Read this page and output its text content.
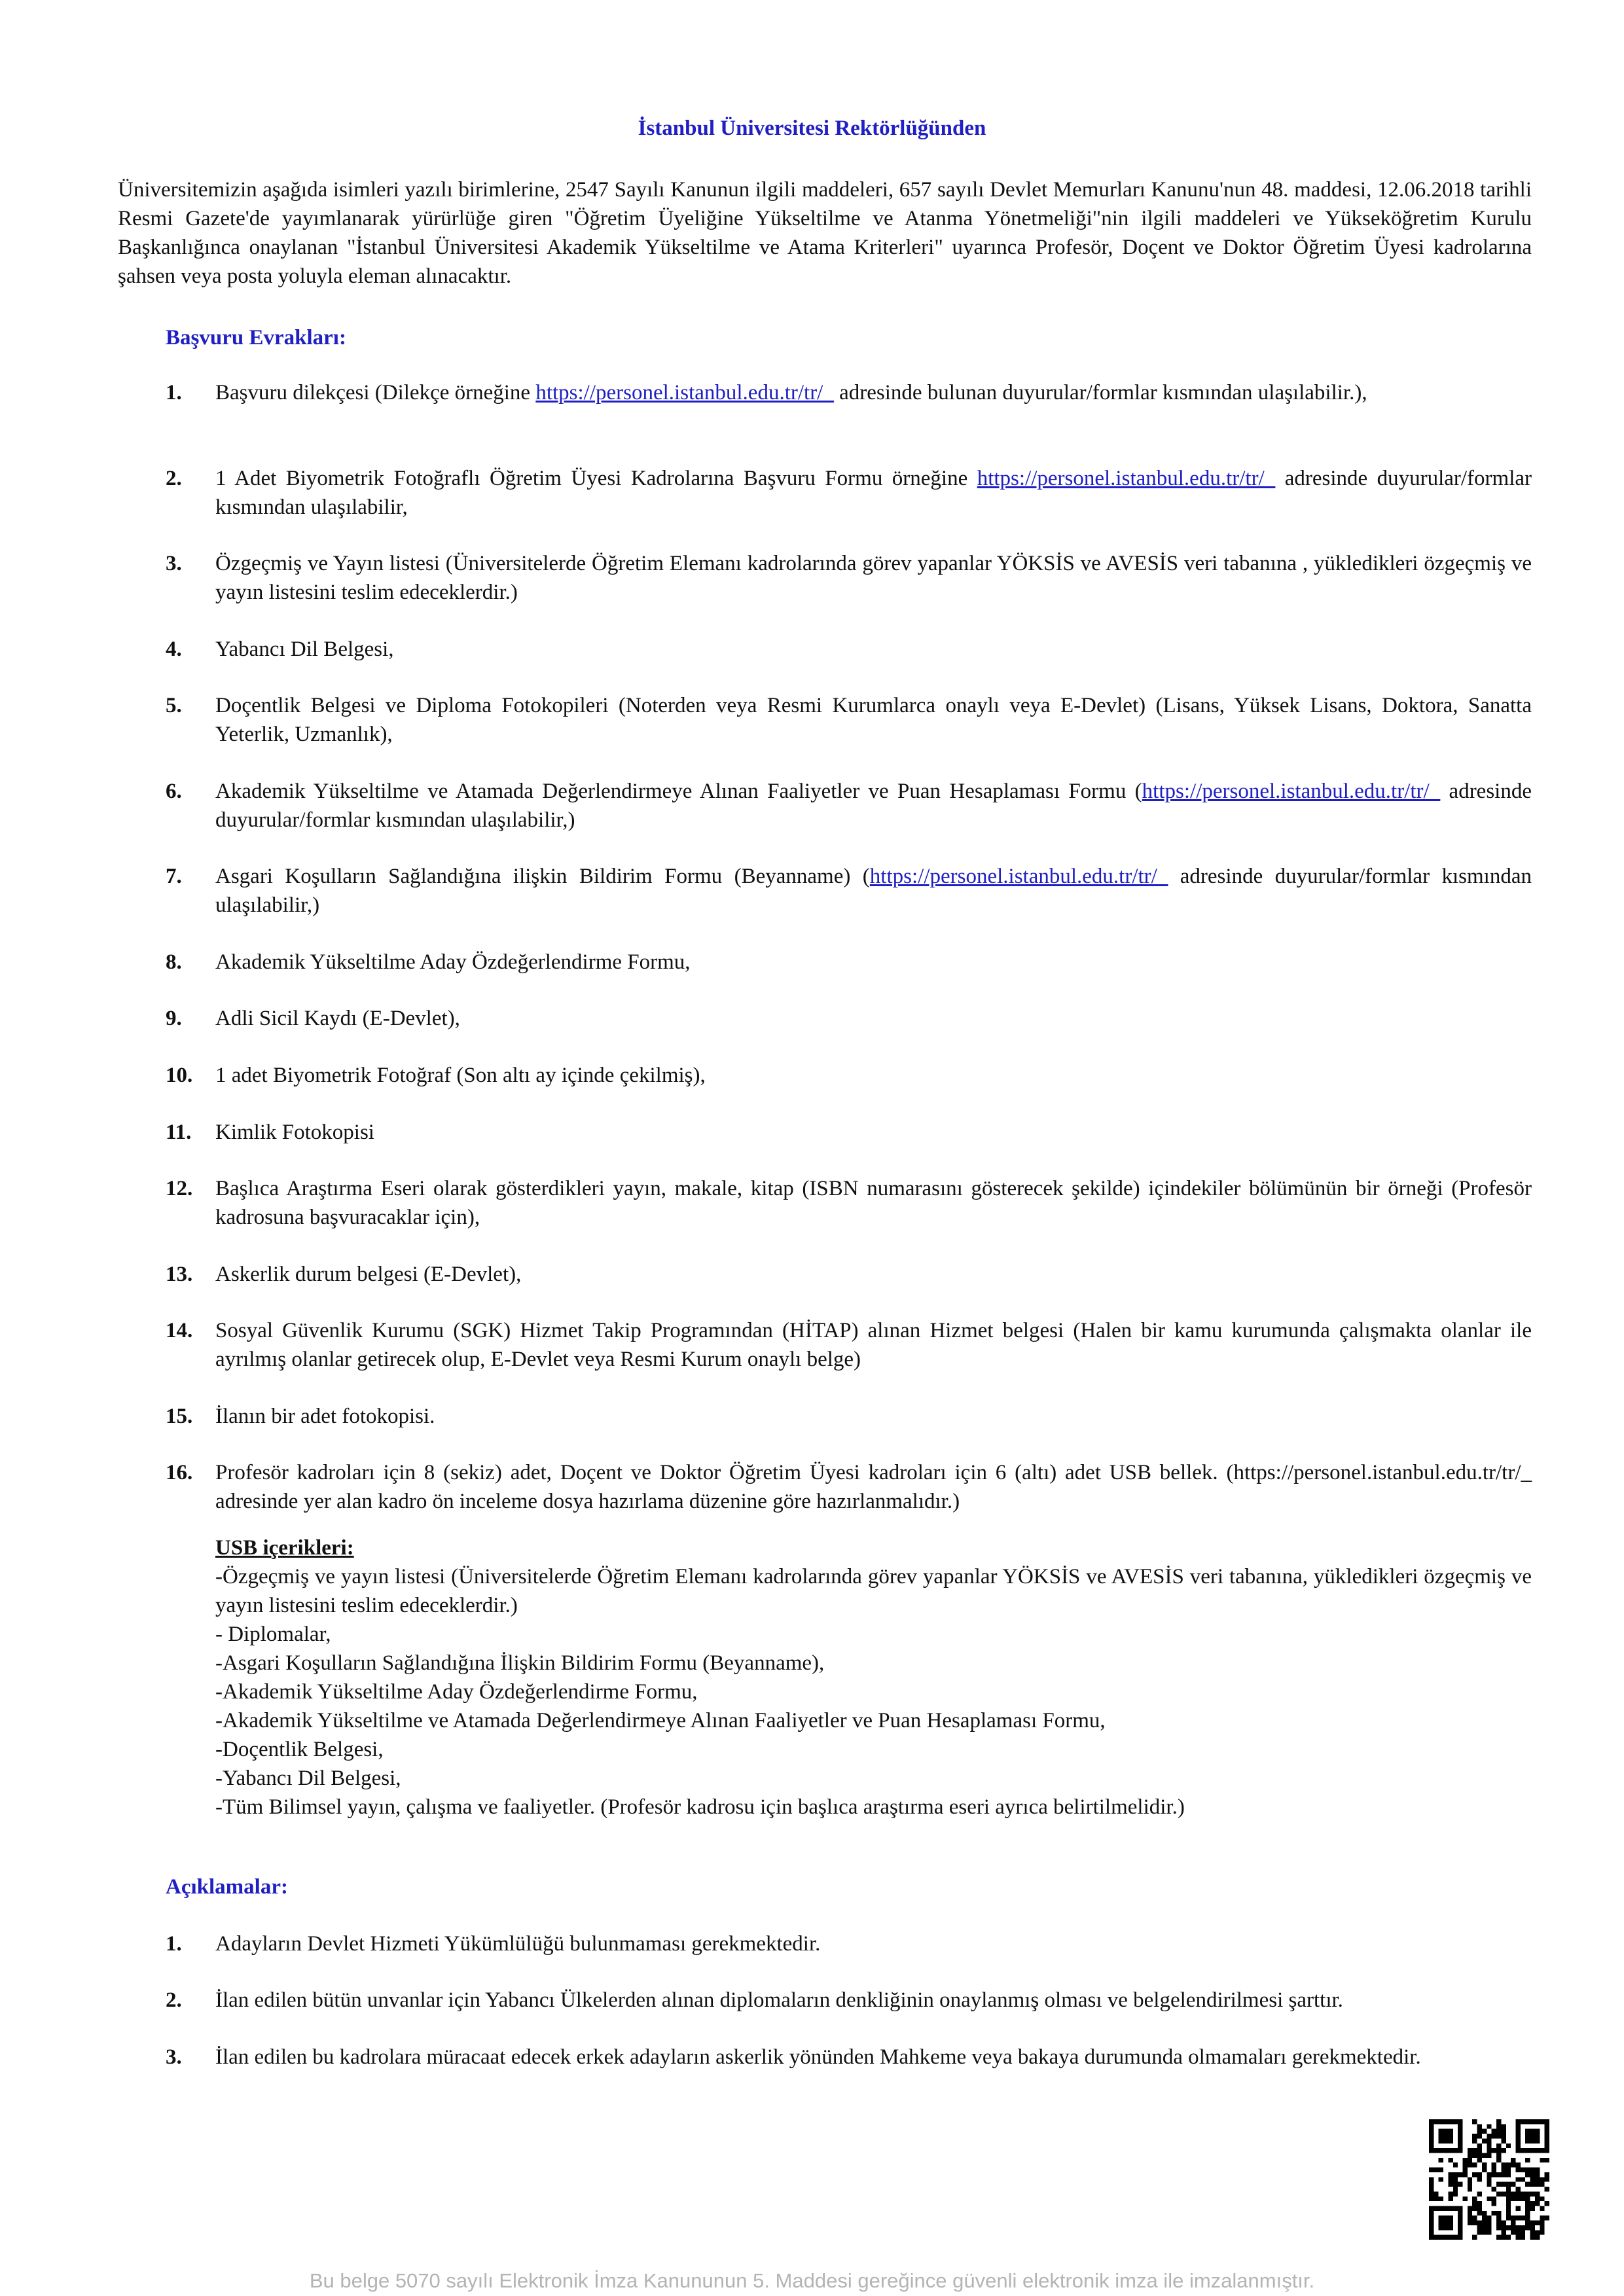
İstanbul Üniversitesi Rektörlüğünden

Üniversitemizin aşağıda isimleri yazılı birimlerine, 2547 Sayılı Kanunun ilgili maddeleri, 657 sayılı Devlet Memurları Kanunu'nun 48. maddesi, 12.06.2018 tarihli Resmi Gazete'de yayımlanarak yürürlüğe giren "Öğretim Üyeliğine Yükseltilme ve Atanma Yönetmeliği"nin ilgili maddeleri ve Yükseköğretim Kurulu Başkanlığınca onaylanan "İstanbul Üniversitesi Akademik Yükseltilme ve Atama Kriterleri" uyarınca Profesör, Doçent ve Doktor Öğretim Üyesi kadrolarına şahsen veya posta yoluyla eleman alınacaktır.

Başvuru Evrakları:
1. Başvuru dilekçesi (Dilekçe örneğine https://personel.istanbul.edu.tr/tr/_ adresinde bulunan duyurular/formlar kısmından ulaşılabilir.),
2. 1 Adet Biyometrik Fotoğraflı Öğretim Üyesi Kadrolarına Başvuru Formu örneğine https://personel.istanbul.edu.tr/tr/_ adresinde duyurular/formlar kısmından ulaşılabilir,
3. Özgeçmiş ve Yayın listesi (Üniversitelerde Öğretim Elemanı kadrolarında görev yapanlar YÖKSİS ve AVESİS veri tabanına , yükledikleri özgeçmiş ve yayın listesini teslim edeceklerdir.)
4. Yabancı Dil Belgesi,
5. Doçentlik Belgesi ve Diploma Fotokopileri (Noterden veya Resmi Kurumlarca onaylı veya E-Devlet) (Lisans, Yüksek Lisans, Doktora, Sanatta Yeterlik, Uzmanlık),
6. Akademik Yükseltilme ve Atamada Değerlendirmeye Alınan Faaliyetler ve Puan Hesaplaması Formu (https://personel.istanbul.edu.tr/tr/_ adresinde duyurular/formlar kısmından ulaşılabilir,)
7. Asgari Koşulların Sağlandığına ilişkin Bildirim Formu (Beyanname) (https://personel.istanbul.edu.tr/tr/_ adresinde duyurular/formlar kısmından ulaşılabilir,)
8. Akademik Yükseltilme Aday Özdeğerlendirme Formu,
9. Adli Sicil Kaydı (E-Devlet),
10. 1 adet Biyometrik Fotoğraf (Son altı ay içinde çekilmiş),
11. Kimlik Fotokopisi
12. Başlıca Araştırma Eseri olarak gösterdikleri yayın, makale, kitap (ISBN numarasını gösterecek şekilde) içindekiler bölümünün bir örneği (Profesör kadrosuna başvuracaklar için),
13. Askerlik durum belgesi (E-Devlet),
14. Sosyal Güvenlik Kurumu (SGK) Hizmet Takip Programından (HİTAP) alınan Hizmet belgesi (Halen bir kamu kurumunda çalışmakta olanlar ile ayrılmış olanlar getirecek olup, E-Devlet veya Resmi Kurum onaylı belge)
15. İlanın bir adet fotokopisi.
16. Profesör kadroları için 8 (sekiz) adet, Doçent ve Doktor Öğretim Üyesi kadroları için 6 (altı) adet USB bellek. (https://personel.istanbul.edu.tr/tr/_ adresinde yer alan kadro ön inceleme dosya hazırlama düzenine göre hazırlanmalıdır.)
USB içerikleri:
-Özgeçmiş ve yayın listesi (Üniversitelerde Öğretim Elemanı kadrolarında görev yapanlar YÖKSİS ve AVESİS veri tabanına, yükledikleri özgeçmiş ve yayın listesini teslim edeceklerdir.)
- Diplomalar,
-Asgari Koşulların Sağlandığına İlişkin Bildirim Formu (Beyanname),
-Akademik Yükseltilme Aday Özdeğerlendirme Formu,
-Akademik Yükseltilme ve Atamada Değerlendirmeye Alınan Faaliyetler ve Puan Hesaplaması Formu,
-Doçentlik Belgesi,
-Yabancı Dil Belgesi,
-Tüm Bilimsel yayın, çalışma ve faaliyetler. (Profesör kadrosu için başlıca araştırma eseri ayrıca belirtilmelidir.)
Açıklamalar:
1. Adayların Devlet Hizmeti Yükümlülüğü bulunmaması gerekmektedir.
2. İlan edilen bütün unvanlar için Yabancı Ülkelerden alınan diplomaların denkliğinin onaylanmış olması ve belgelendirilmesi şarttır.
3. İlan edilen bu kadrolara müracaat edecek erkek adayların askerlik yönünden Mahkeme veya bakaya durumunda olmamaları gerekmektedir.
Bu belge 5070 sayılı Elektronik İmza Kanununun 5. Maddesi gereğince güvenli elektronik imza ile imzalanmıştır.
